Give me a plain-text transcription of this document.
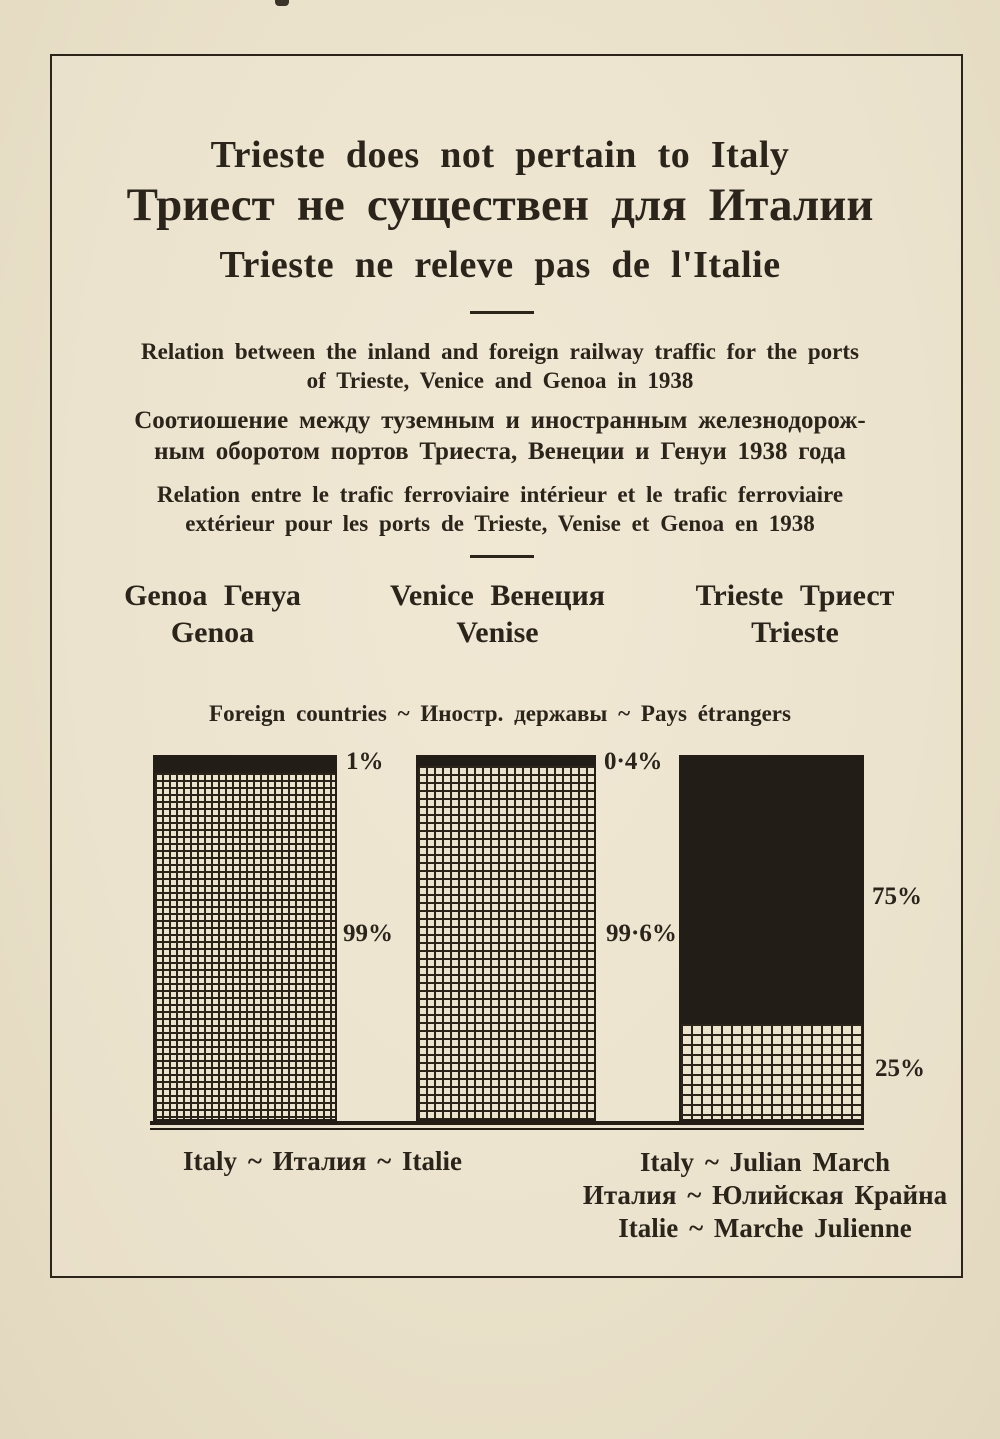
Trieste does not pertain to Italy
Триест не существен для Италии
Trieste ne releve pas de l'Italie
Relation between the inland and foreign railway traffic for the ports
of Trieste, Venice and Genoa in 1938
Соотиошение между туземным и иностранным железнодорож-
ным оборотом портов Триеста, Венеции и Генуи 1938 года
Relation entre le trafic ferroviaire intérieur et le trafic ferroviaire
extérieur pour les ports de Trieste, Venise et Genoa en 1938
Genoa Генуа
Genoa
Venice Венеция
Venise
Trieste Триест
Trieste
Foreign countries ~ Иностр. державы ~ Pays étrangers
1%
99%
0·4%
99·6%
75%
25%
Italy ~ Италия ~ Italie	Italy ~ Julian March
Италия ~ Юлийская Крайна
Italie ~ Marche Julienne
